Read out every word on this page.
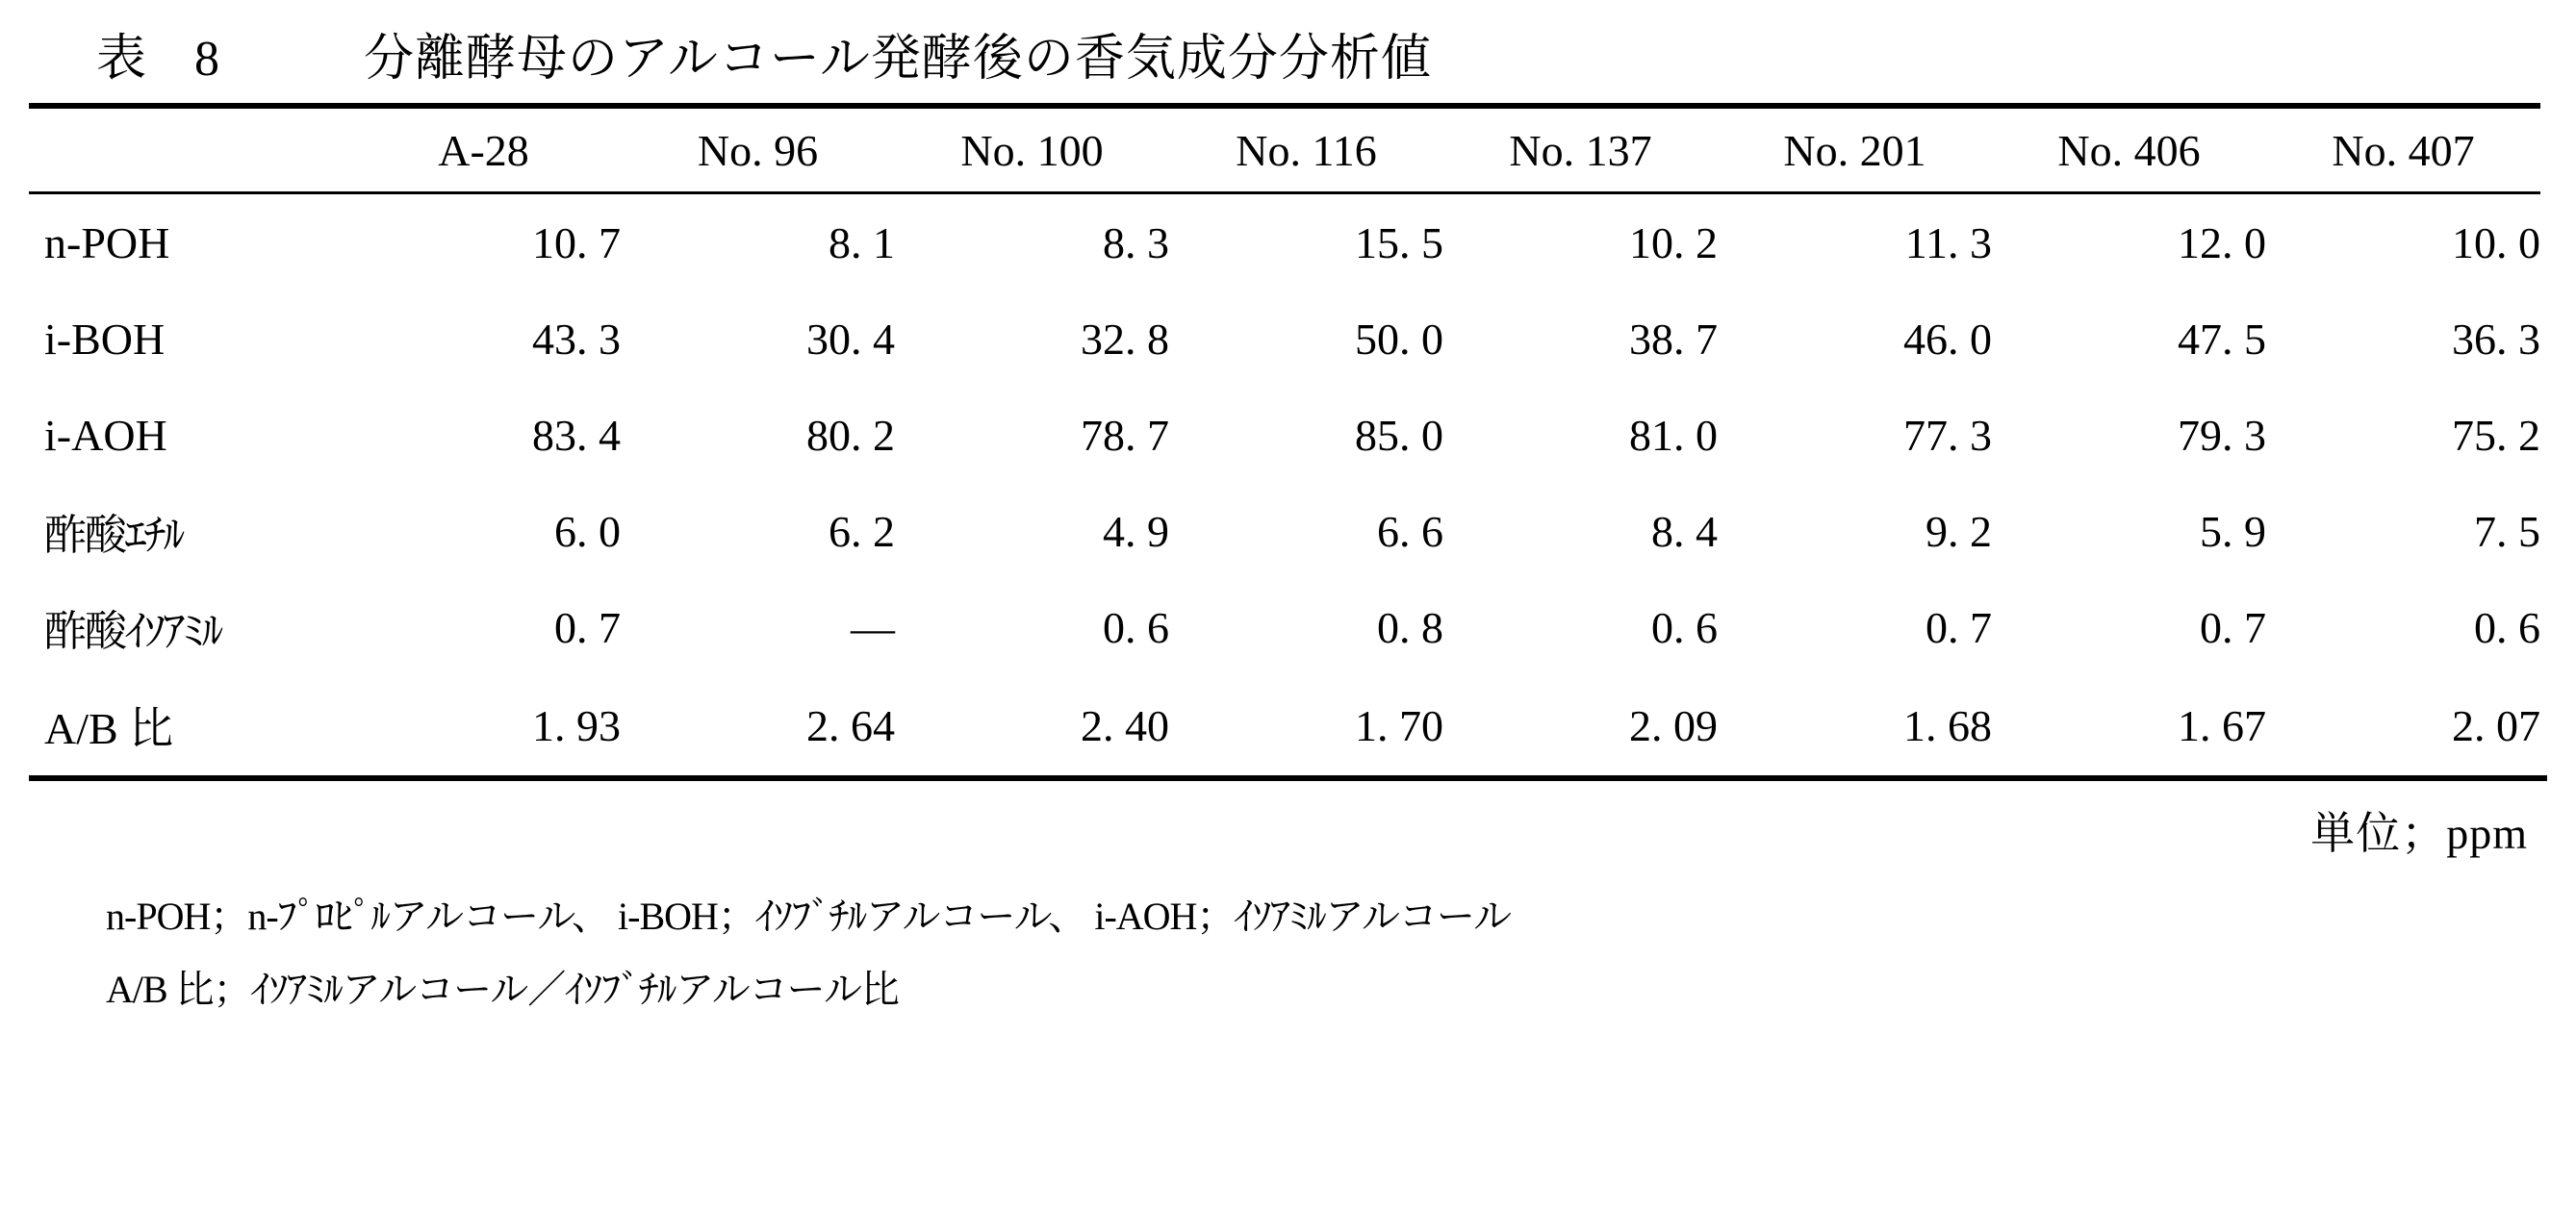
表 8	分離酵母のアルコール発酵後の香気成分分析値
	A-28	No. 96	No. 100	No. 116	No. 137	No. 201	No. 406	No. 407
n-POH	10. 7	8. 1	8. 3	15. 5	10. 2	11. 3	12. 0	10. 0
i-BOH	43. 3	30. 4	32. 8	50. 0	38. 7	46. 0	47. 5	36. 3
i-AOH	83. 4	80. 2	78. 7	85. 0	81. 0	77. 3	79. 3	75. 2
酢酸ｴﾁﾙ	6. 0	6. 2	4. 9	6. 6	8. 4	9. 2	5. 9	7. 5
酢酸ｲｿｱﾐﾙ	0. 7	—	0. 6	0. 8	0. 6	0. 7	0. 7	0. 6
A/B 比	1. 93	2. 64	2. 40	1. 70	2. 09	1. 68	1. 67	2. 07
単位；ppm
n-POH；n-ﾌﾟﾛﾋﾟﾙアルコール、 i-BOH；ｲｿﾌﾞﾁﾙアルコール、 i-AOH；ｲｿｱﾐﾙアルコール
A/B 比；ｲｿｱﾐﾙアルコール／ｲｿﾌﾞﾁﾙアルコール比
